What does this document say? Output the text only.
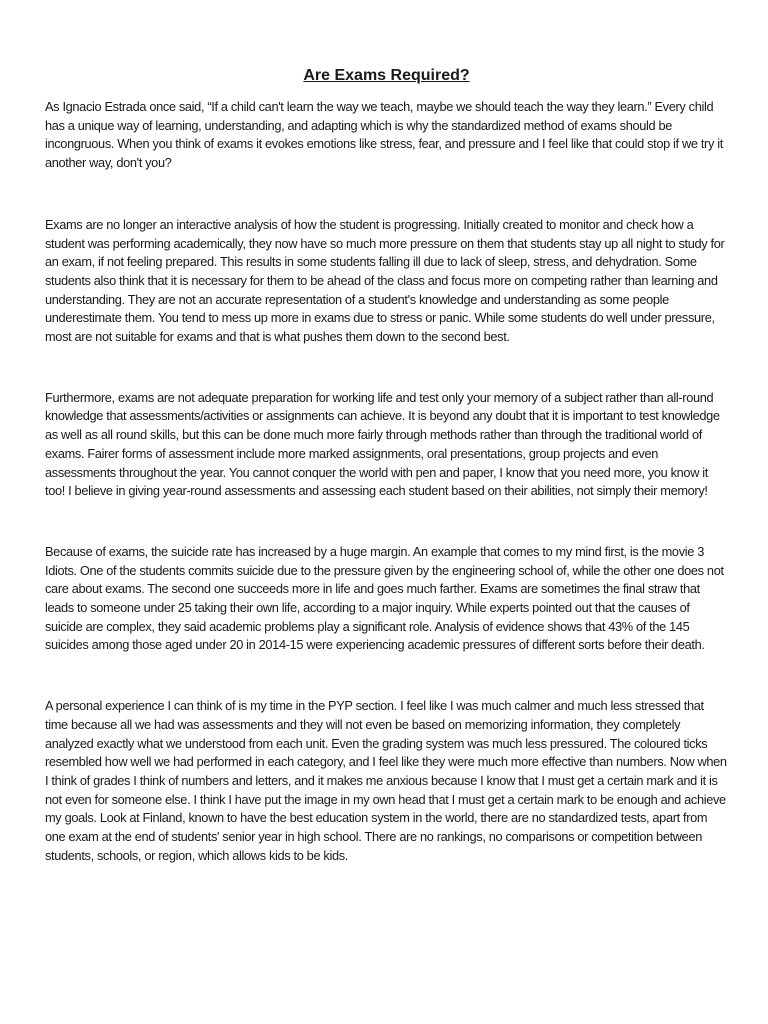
Are Exams Required?

As Ignacio Estrada once said, “If a child can't learn the way we teach, maybe we should teach the way they learn.” Every child has a unique way of learning, understanding, and adapting which is why the standardized method of exams should be incongruous. When you think of exams it evokes emotions like stress, fear, and pressure and I feel like that could stop if we try it another way, don't you?

Exams are no longer an interactive analysis of how the student is progressing. Initially created to monitor and check how a student was performing academically, they now have so much more pressure on them that students stay up all night to study for an exam, if not feeling prepared. This results in some students falling ill due to lack of sleep, stress, and dehydration. Some students also think that it is necessary for them to be ahead of the class and focus more on competing rather than learning and understanding. They are not an accurate representation of a student's knowledge and understanding as some people underestimate them. You tend to mess up more in exams due to stress or panic. While some students do well under pressure, most are not suitable for exams and that is what pushes them down to the second best.

Furthermore, exams are not adequate preparation for working life and test only your memory of a subject rather than all-round knowledge that assessments/activities or assignments can achieve. It is beyond any doubt that it is important to test knowledge as well as all round skills, but this can be done much more fairly through methods rather than through the traditional world of exams. Fairer forms of assessment include more marked assignments, oral presentations, group projects and even assessments throughout the year. You cannot conquer the world with pen and paper, I know that you need more, you know it too! I believe in giving year-round assessments and assessing each student based on their abilities, not simply their memory!

Because of exams, the suicide rate has increased by a huge margin. An example that comes to my mind first, is the movie 3 Idiots. One of the students commits suicide due to the pressure given by the engineering school of, while the other one does not care about exams. The second one succeeds more in life and goes much farther. Exams are sometimes the final straw that leads to someone under 25 taking their own life, according to a major inquiry. While experts pointed out that the causes of suicide are complex, they said academic problems play a significant role. Analysis of evidence shows that 43% of the 145 suicides among those aged under 20 in 2014-15 were experiencing academic pressures of different sorts before their death.

A personal experience I can think of is my time in the PYP section. I feel like I was much calmer and much less stressed that time because all we had was assessments and they will not even be based on memorizing information, they completely analyzed exactly what we understood from each unit. Even the grading system was much less pressured. The coloured ticks resembled how well we had performed in each category, and I feel like they were much more effective than numbers. Now when I think of grades I think of numbers and letters, and it makes me anxious because I know that I must get a certain mark and it is not even for someone else. I think I have put the image in my own head that I must get a certain mark to be enough and achieve my goals. Look at Finland, known to have the best education system in the world, there are no standardized tests, apart from one exam at the end of students' senior year in high school. There are no rankings, no comparisons or competition between students, schools, or region, which allows kids to be kids.
